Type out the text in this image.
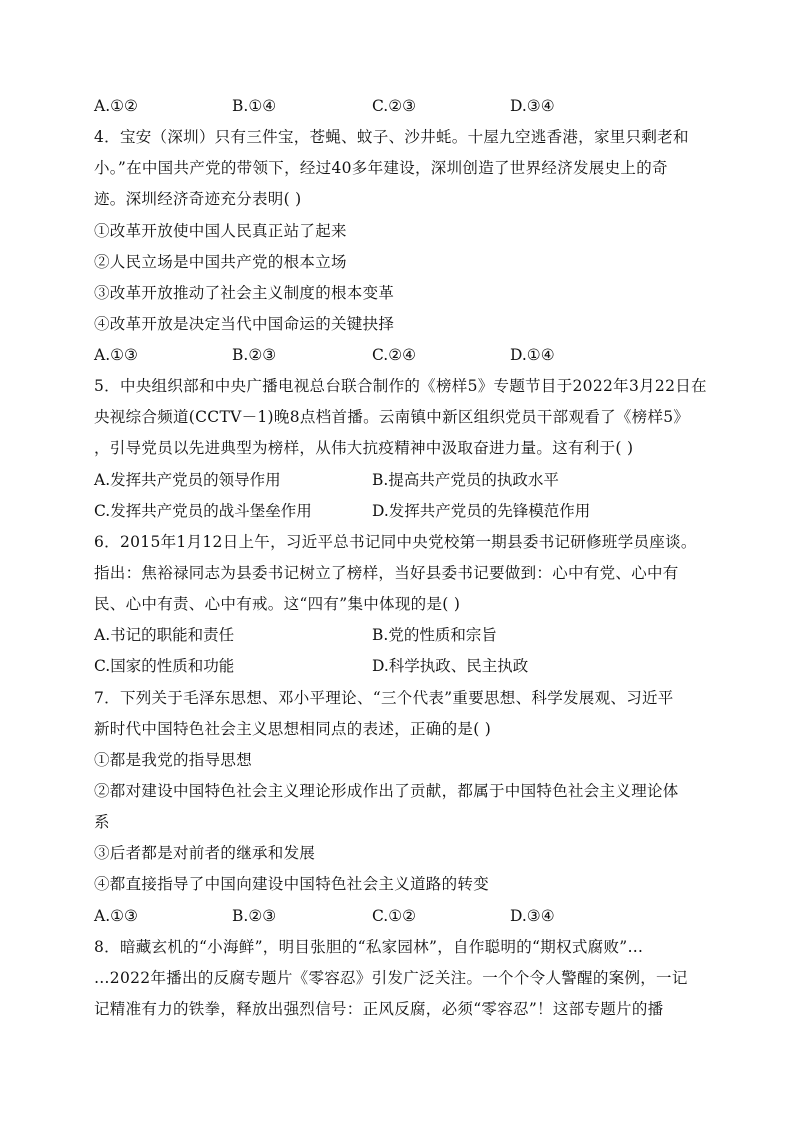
A.①②	B.①④	C.②③	D.③④
4．宝安（深圳）只有三件宝，苍蝇、蚊子、沙井蚝。十屋九空逃香港，家里只剩老和
小。”在中国共产党的带领下，经过40多年建设，深圳创造了世界经济发展史上的奇
迹。深圳经济奇迹充分表明( )
①改革开放使中国人民真正站了起来
②人民立场是中国共产党的根本立场
③改革开放推动了社会主义制度的根本变革
④改革开放是决定当代中国命运的关键抉择
A.①③	B.②③	C.②④	D.①④
5．中央组织部和中央广播电视总台联合制作的《榜样5》专题节目于2022年3月22日在
央视综合频道(CCTV－1)晚8点档首播。云南镇中新区组织党员干部观看了《榜样5》
，引导党员以先进典型为榜样，从伟大抗疫精神中汲取奋进力量。这有利于( )
A.发挥共产党员的领导作用	B.提高共产党员的执政水平
C.发挥共产党员的战斗堡垒作用	D.发挥共产党员的先锋模范作用
6．2015年1月12日上午，习近平总书记同中央党校第一期县委书记研修班学员座谈。
指出：焦裕禄同志为县委书记树立了榜样，当好县委书记要做到：心中有党、心中有
民、心中有责、心中有戒。这“四有”集中体现的是( )
A.书记的职能和责任	B.党的性质和宗旨
C.国家的性质和功能	D.科学执政、民主执政
7．下列关于毛泽东思想、邓小平理论、“三个代表”重要思想、科学发展观、习近平
新时代中国特色社会主义思想相同点的表述，正确的是( )
①都是我党的指导思想
②都对建设中国特色社会主义理论形成作出了贡献，都属于中国特色社会主义理论体
系
③后者都是对前者的继承和发展
④都直接指导了中国向建设中国特色社会主义道路的转变
A.①③	B.②③	C.①②	D.③④
8．暗藏玄机的“小海鲜”，明目张胆的“私家园林”，自作聪明的“期权式腐败”…
…2022年播出的反腐专题片《零容忍》引发广泛关注。一个个令人警醒的案例，一记
记精准有力的铁拳，释放出强烈信号：正风反腐，必须“零容忍”！这部专题片的播
